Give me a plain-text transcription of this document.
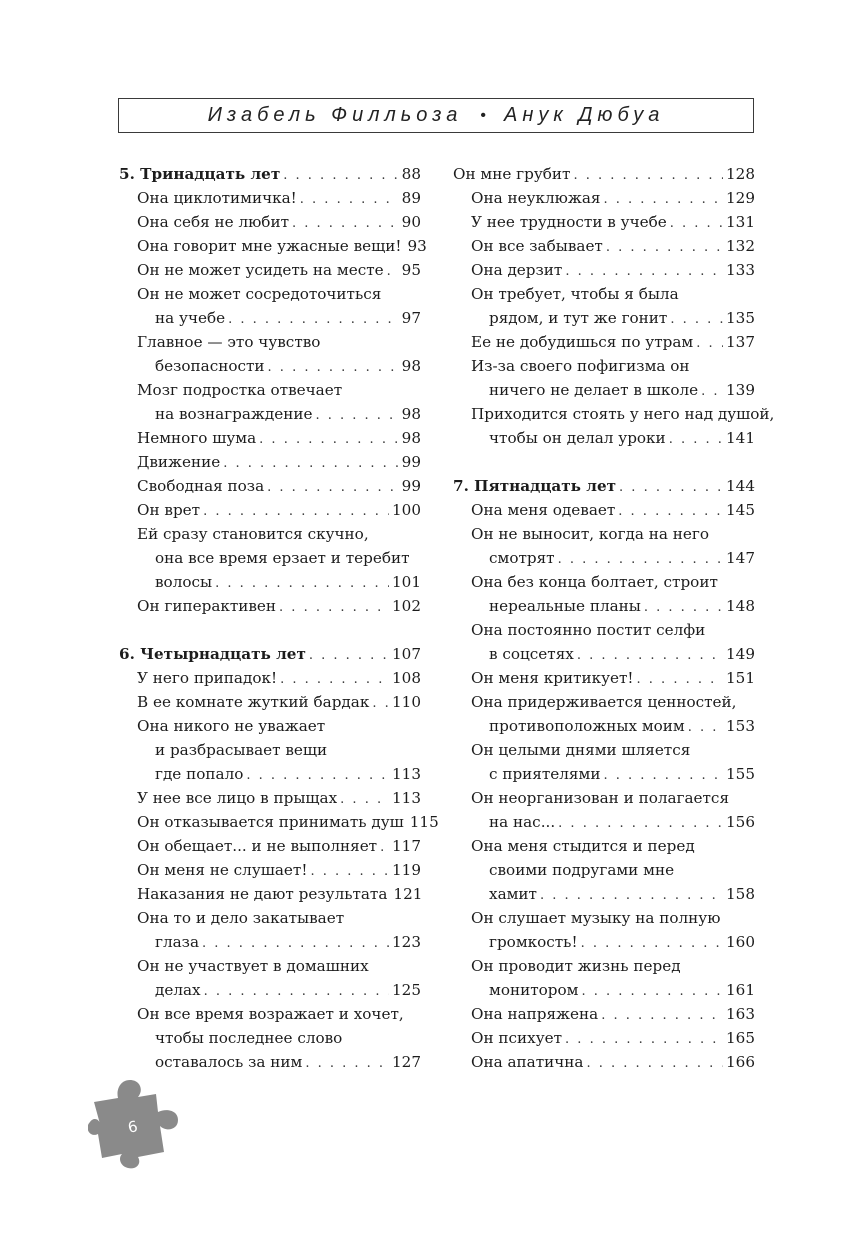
Изабель Филльоза • Анук Дюбуа
5. Тринадцать лет . . .	88
Она циклотимичка! . . .	89
Она себя не любит . . .	90
Она говорит мне ужасные вещи! 93
Он не может усидеть на месте . . . 95
Он не может сосредоточиться
на учебе . . .	97
Главное — это чувство
безопасности . . .	98
Мозг подростка отвечает
на вознаграждение . . .	98
Немного шума . . .	98
Движение . . .	99
Свободная поза . . .	99
Он врет . . .	100
Ей сразу становится скучно,
она все время ерзает и теребит
волосы . . .	101
Он гиперактивен . . .	102
6. Четырнадцать лет . . .	107
У него припадок! . . .	108
В ее комнате жуткий бардак . . . 110
Она никого не уважает
и разбрасывает вещи
где попало . . .	113
У нее все лицо в прыщах . . .	113
Он отказывается принимать душ 115
Он обещает... и не выполняет . . . 117
Он меня не слушает! . . .	119
Наказания не дают результата 121
Она то и дело закатывает
глаза . . .	123
Он не участвует в домашних
делах . . .	125
Он все время возражает и хочет,
чтобы последнее слово
оставалось за ним . . .	127
Он мне грубит . . .	128
Она неуклюжая . . .	129
У нее трудности в учебе . . .	131
Он все забывает . . .	132
Она дерзит . . .	133
Он требует, чтобы я была
рядом, и тут же гонит . . .	135
Ее не добудишься по утрам . . . 137
Из-за своего пофигизма он
ничего не делает в школе . . . 139
Приходится стоять у него над душой,
чтобы он делал уроки . . .	141
7. Пятнадцать лет . . .	144
Она меня одевает . . .	145
Он не выносит, когда на него
смотрят . . .	147
Она без конца болтает, строит
нереальные планы . . .	148
Она постоянно постит селфи
в соцсетях . . .	149
Он меня критикует! . . .	151
Она придерживается ценностей,
противоположных моим . . .	153
Он целыми днями шляется
с приятелями . . .	155
Он неорганизован и полагается
на нас... . . .	156
Она меня стыдится и перед
своими подругами мне
хамит . . .	158
Он слушает музыку на полную
громкость! . . .	160
Он проводит жизнь перед
монитором . . .	161
Она напряжена . . .	163
Он психует . . .	165
Она апатична . . .	166
6
